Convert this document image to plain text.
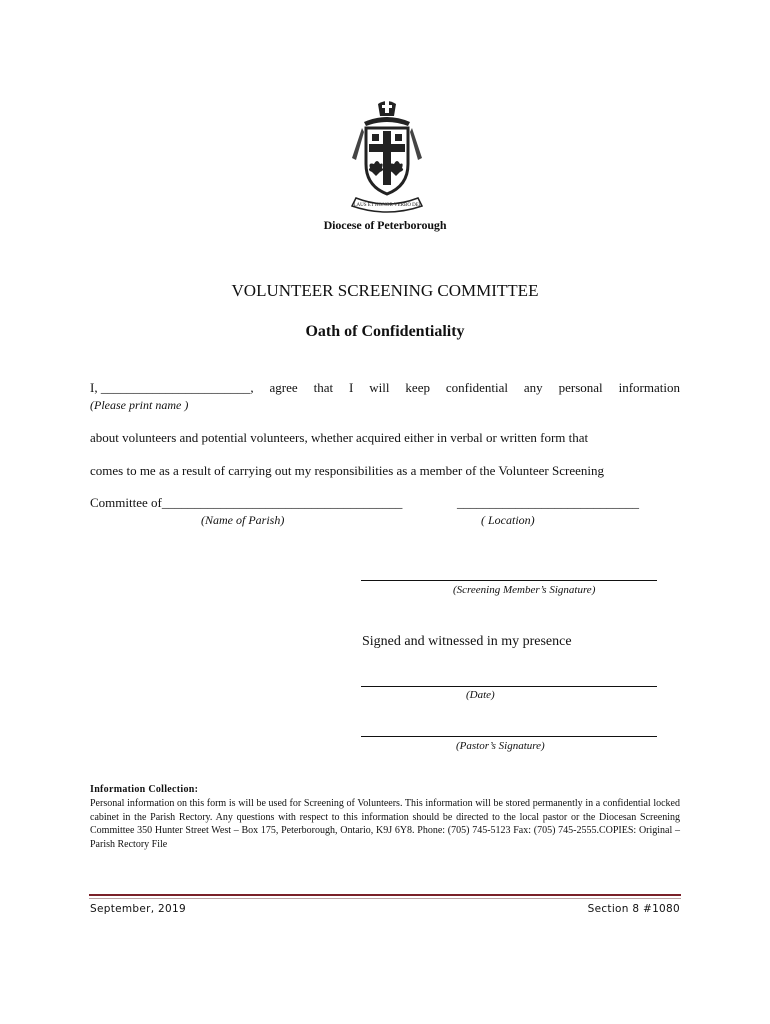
LAUS ET HONOR VERBO DEI
Diocese of Peterborough
VOLUNTEER SCREENING COMMITTEE
Oath of Confidentiality
I, _______________________, agree that I will keep confidential any personal information
(Please print name )
about volunteers and potential volunteers, whether acquired either in verbal or written form that
comes to me as a result of carrying out my responsibilities as a member of the Volunteer Screening
Committee of_____________________________________	____________________________
(Name of Parish)	( Location)
(Screening Member’s Signature)
Signed and witnessed in my presence
(Date)
(Pastor’s Signature)
Information Collection:
Personal information on this form is will be used for Screening of Volunteers. This information will be stored permanently in a confidential locked cabinet in the Parish Rectory. Any questions with respect to this information should be directed to the local pastor or the Diocesan Screening Committee 350 Hunter Street West – Box 175, Peterborough, Ontario, K9J 6Y8. Phone: (705) 745-5123 Fax: (705) 745-2555.COPIES: Original – Parish Rectory File
September, 2019	Section 8 #1080
